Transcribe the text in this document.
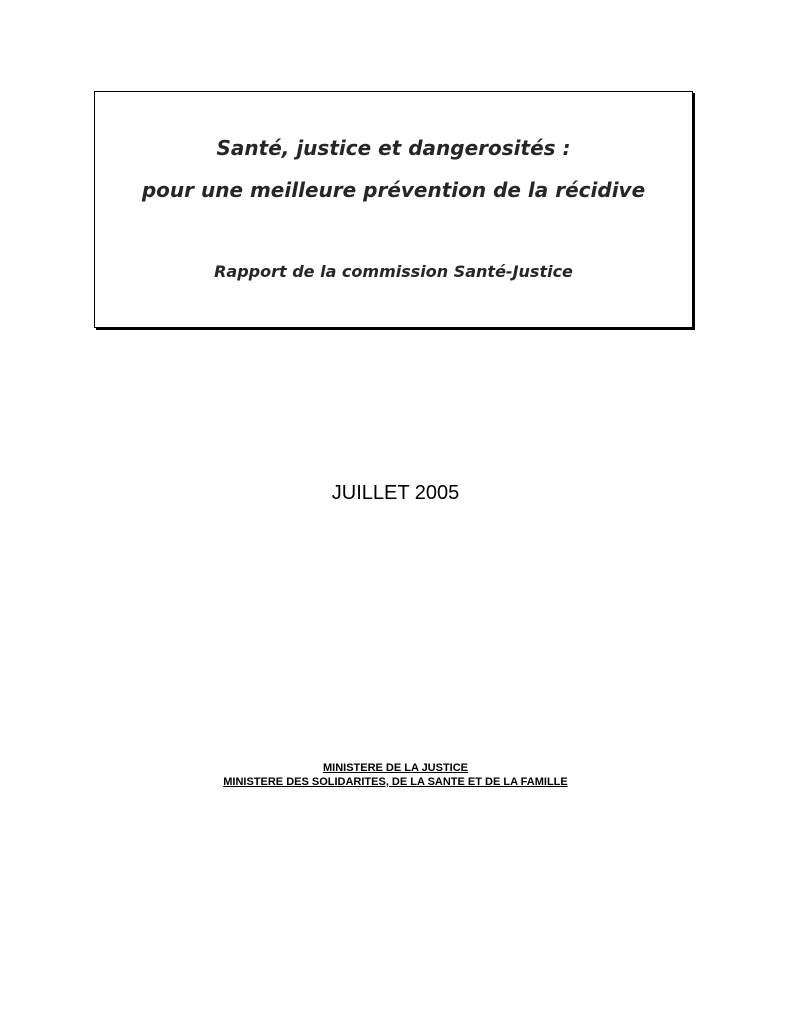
Santé, justice et dangerosités :
pour une meilleure prévention de la récidive
Rapport de la commission Santé-Justice
JUILLET 2005
MINISTERE DE LA JUSTICE
MINISTERE DES SOLIDARITES, DE LA SANTE ET DE LA FAMILLE
